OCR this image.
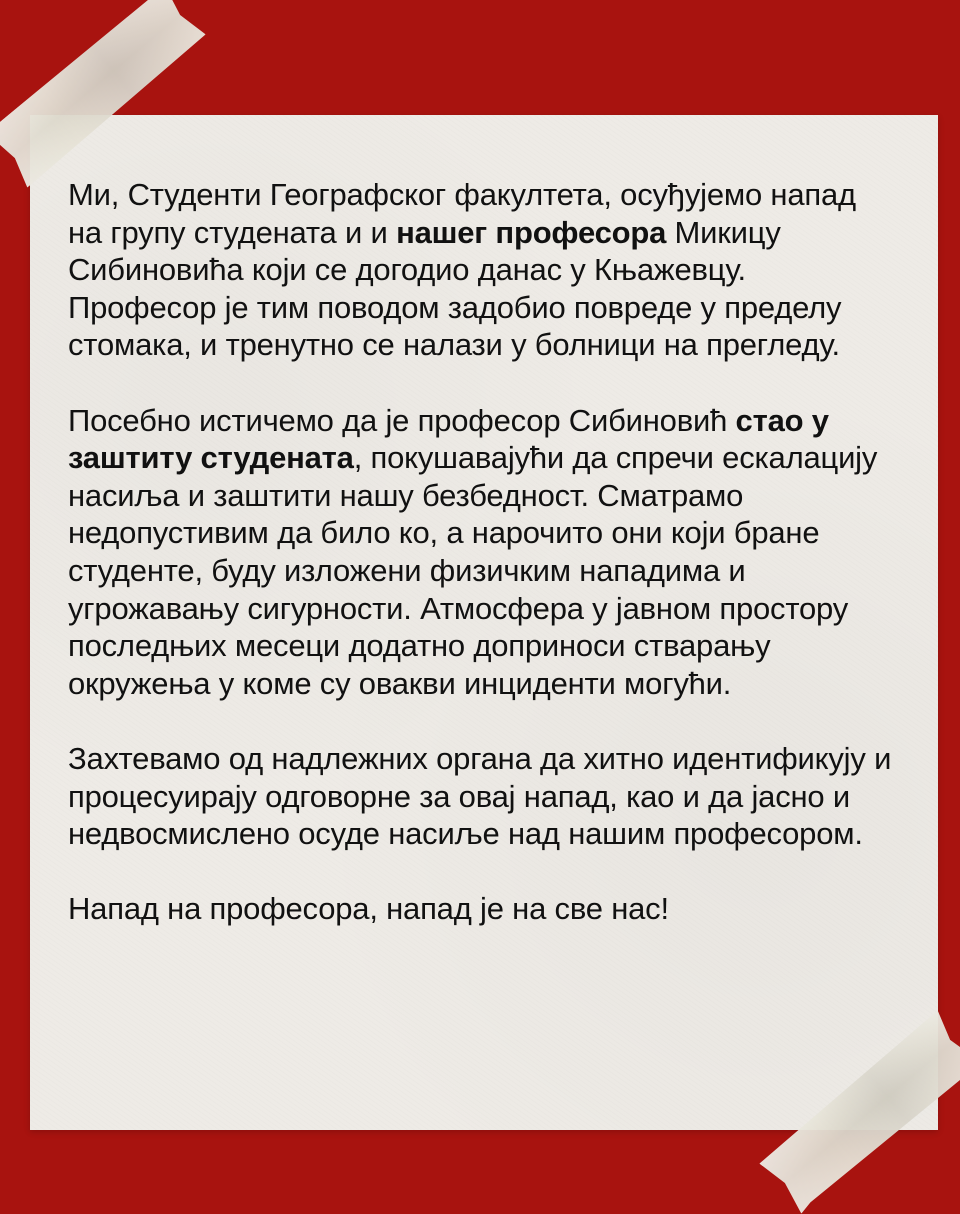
Ми, Студенти Географског факултета, осуђујемо напад на групу студената и и нашег професора Микицу Сибиновића који се догодио данас у Књажевцу. Професор је тим поводом задобио повреде у пределу стомака, и тренутно се налази у болници на прегледу.

Посебно истичемо да је професор Сибиновић стао у заштиту студената, покушавајући да спречи ескалацију насиља и заштити нашу безбедност. Сматрамо недопустивим да било ко, а нарочито они који бране студенте, буду изложени физичким нападима и угрожавању сигурности. Атмосфера у јавном простору последњих месеци додатно доприноси стварању окружења у коме су овакви инциденти могући.

Захтевамо од надлежних органа да хитно идентификују и процесуирају одговорне за овај напад, као и да јасно и недвосмислено осуде насиље над нашим професором.

Напад на професора, напад је на све нас!
